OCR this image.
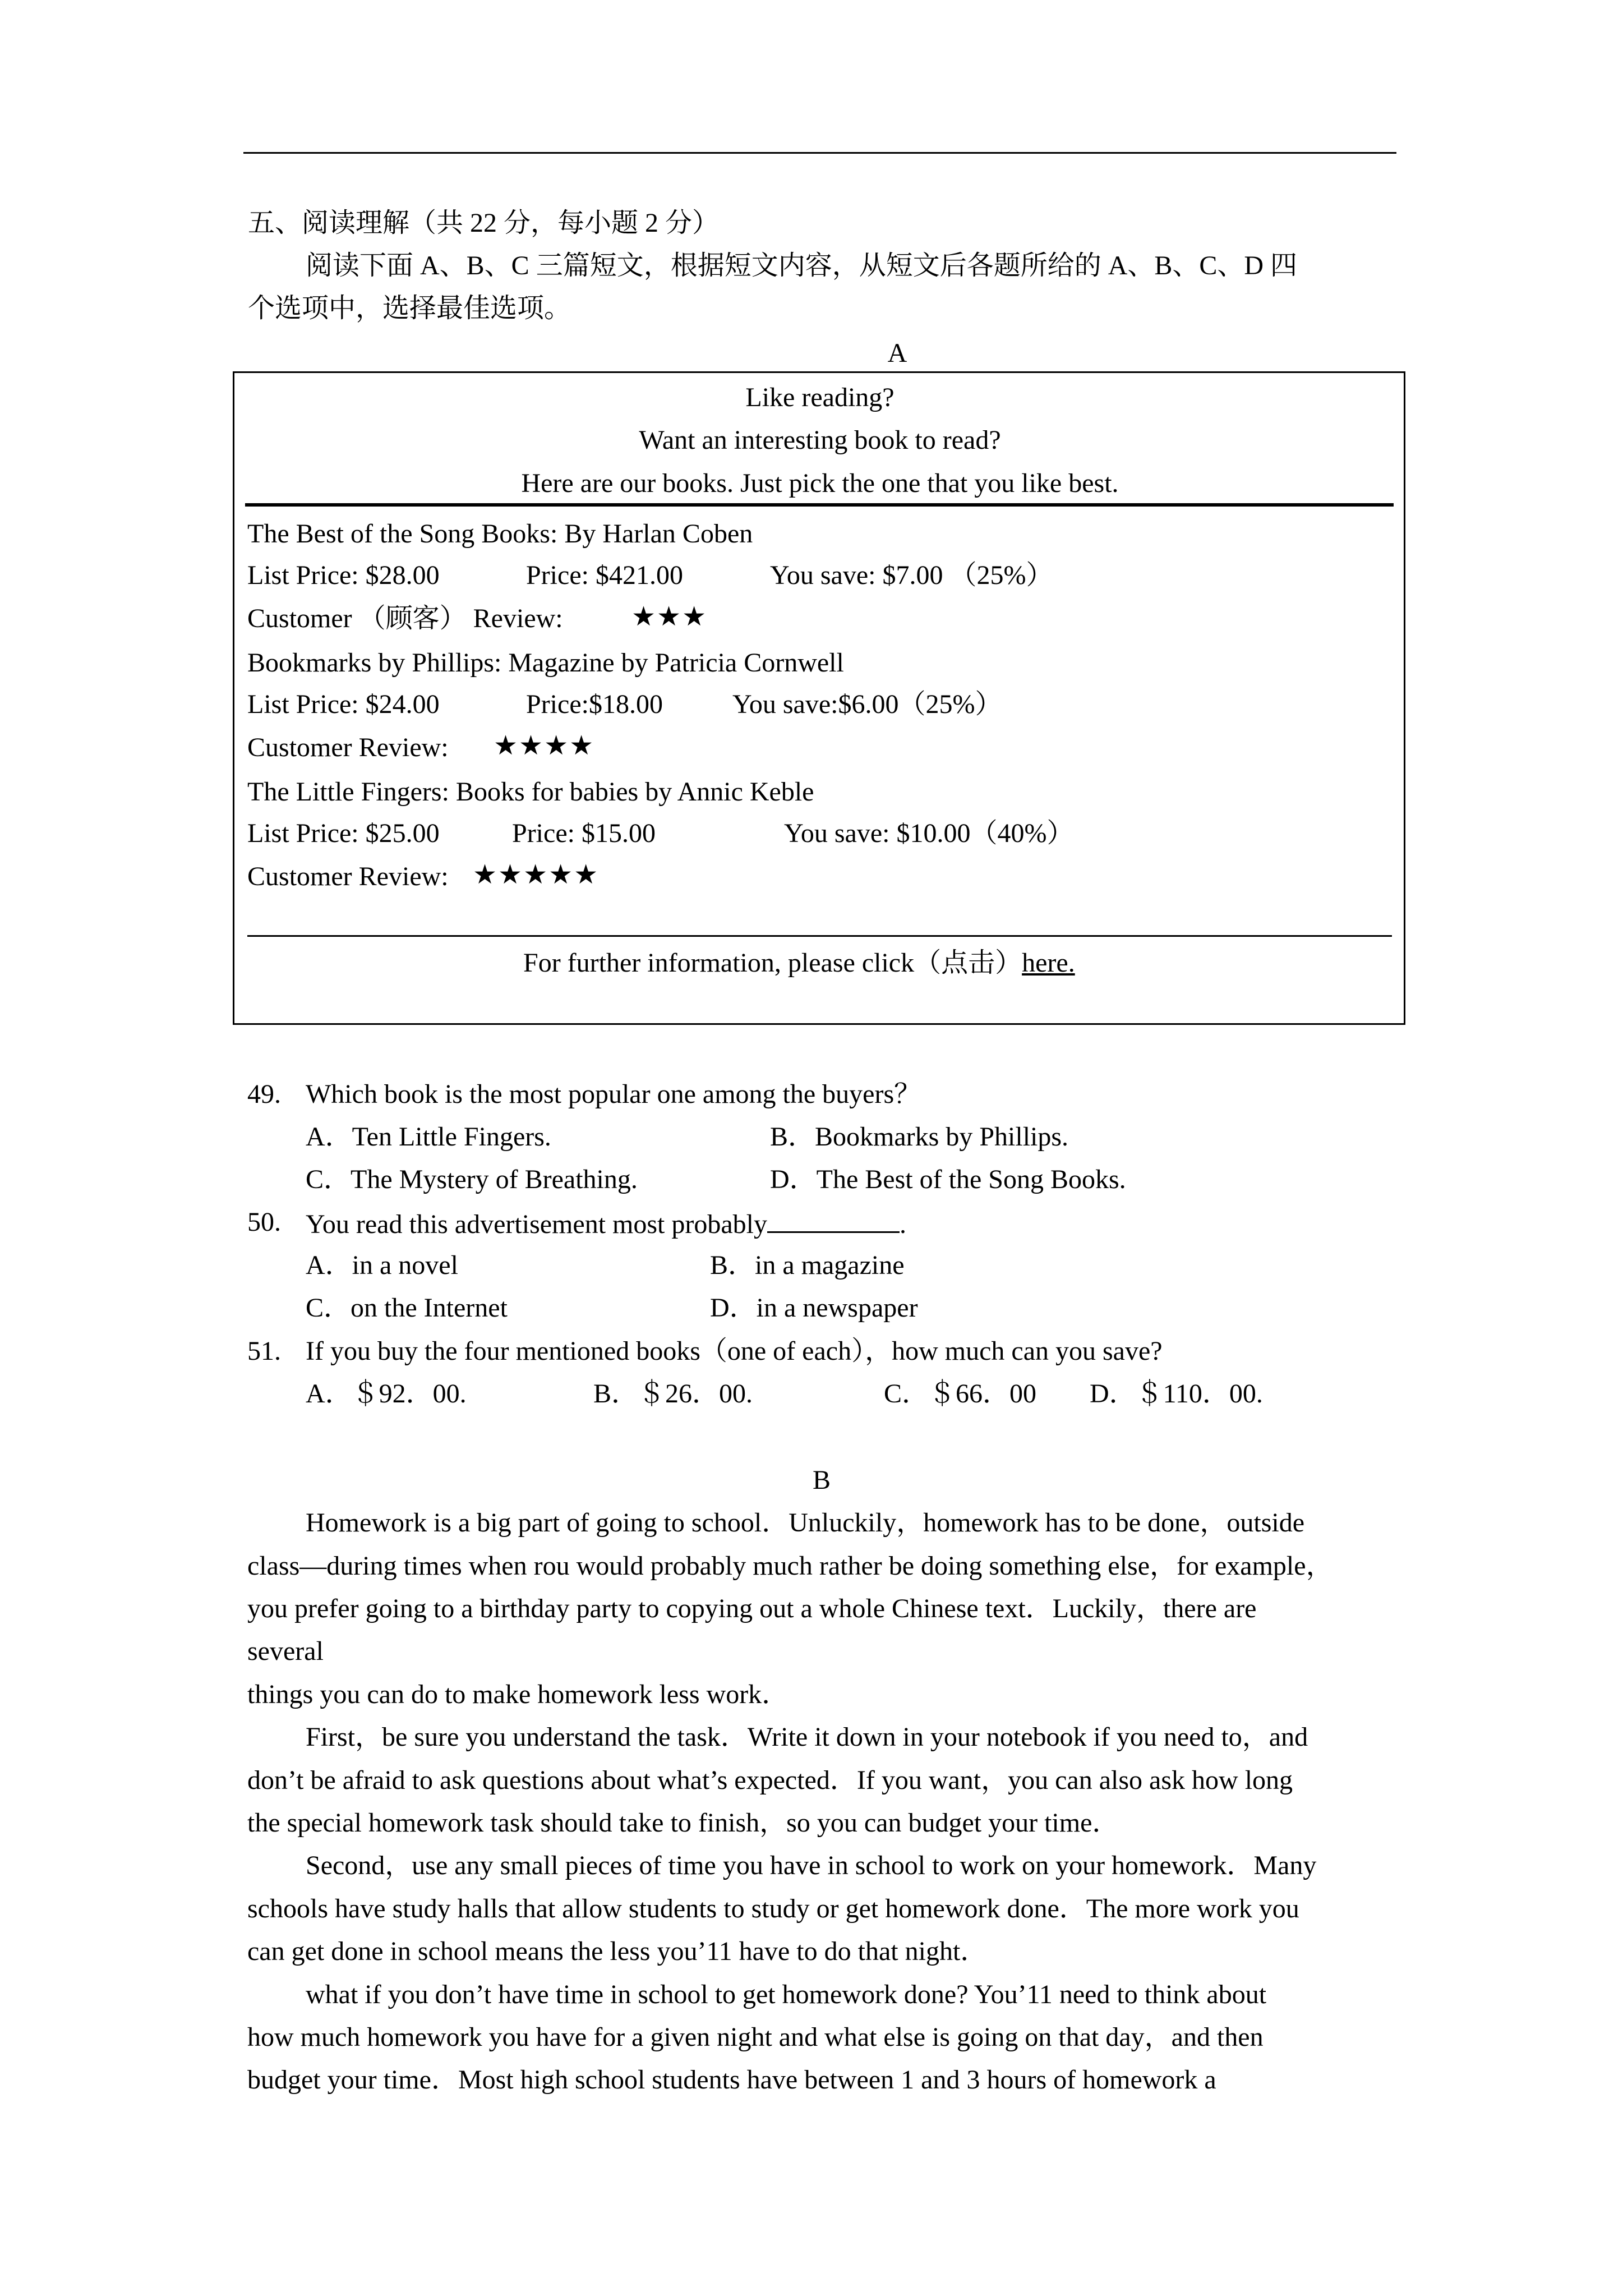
五、阅读理解（共 22 分，每小题 2 分）
阅读下面 A、B、C 三篇短文，根据短文内容，从短文后各题所给的 A、B、C、D 四
个选项中，选择最佳选项。
A
Like reading?
Want an interesting book to read?
Here are our books. Just pick the one that you like best.
The Best of the Song Books: By Harlan Coben
List Price: $28.00	Price: $421.00	You save: $7.00 （25%）
Customer （顾客） Review:	★★★
Bookmarks by Phillips: Magazine by Patricia Cornwell
List Price: $24.00	Price:$18.00	You save:$6.00（25%）
Customer Review: ★★★★
The Little Fingers: Books for babies by Annic Keble
List Price: $25.00	Price: $15.00	You save: $10.00（40%）
Customer Review: ★★★★★
For further information, please click（点击）here.
49. Which book is the most popular one among the buyers？
A．Ten Little Fingers.	B．Bookmarks by Phillips.
C．The Mystery of Breathing.	D．The Best of the Song Books.
50. You read this advertisement most probably	.
A．in a novel	B．in a magazine
C．on the Internet	D．in a newspaper
51. If you buy the four mentioned books（one of each），how much can you save?
A．＄92．00.	B．＄26．00.	C．＄66．00 D．＄110．00.
B
Homework is a big part of going to school．Unluckily，homework has to be done，outside
class—during times when rou would probably much rather be doing something else，for example，
you prefer going to a birthday party to copying out a whole Chinese text．Luckily，there are
several
things you can do to make homework less work．
First，be sure you understand the task．Write it down in your notebook if you need to，and
don’t be afraid to ask questions about what’s expected．If you want，you can also ask how long
the special homework task should take to finish，so you can budget your time．
Second，use any small pieces of time you have in school to work on your homework．Many
schools have study halls that allow students to study or get homework done．The more work you
can get done in school means the less you’11 have to do that night．
what if you don’t have time in school to get homework done? You’11 need to think about
how much homework you have for a given night and what else is going on that day，and then
budget your time．Most high school students have between 1 and 3 hours of homework a
